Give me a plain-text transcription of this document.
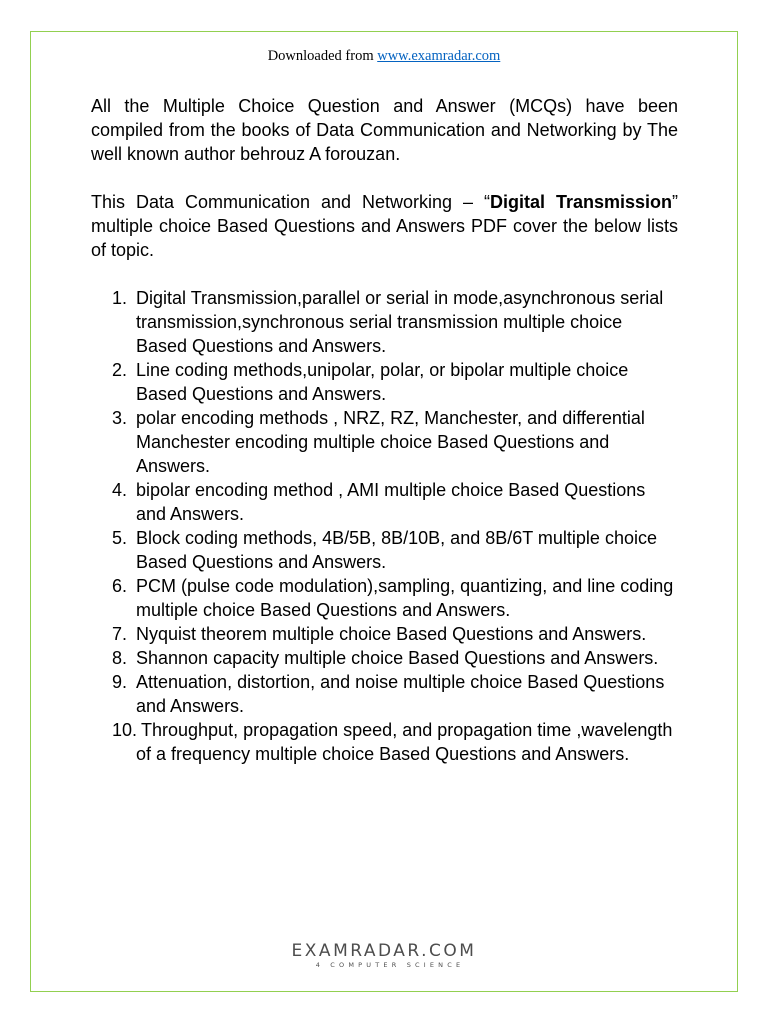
Downloaded from www.examradar.com

All the Multiple Choice Question and Answer (MCQs) have been compiled from the books of Data Communication and Networking by The well known author behrouz A forouzan.

This Data Communication and Networking – “Digital Transmission” multiple choice Based Questions and Answers PDF cover the below lists of topic.

1. Digital Transmission,parallel or serial in mode,asynchronous serial transmission,synchronous serial transmission multiple choice Based Questions and Answers.
2. Line coding methods,unipolar, polar, or bipolar multiple choice Based Questions and Answers.
3. polar encoding methods , NRZ, RZ, Manchester, and differential Manchester encoding multiple choice Based Questions and Answers.
4. bipolar encoding method , AMI multiple choice Based Questions and Answers.
5. Block coding methods, 4B/5B, 8B/10B, and 8B/6T multiple choice Based Questions and Answers.
6. PCM (pulse code modulation),sampling, quantizing, and line coding multiple choice Based Questions and Answers.
7. Nyquist theorem multiple choice Based Questions and Answers.
8. Shannon capacity multiple choice Based Questions and Answers.
9. Attenuation, distortion, and noise multiple choice Based Questions and Answers.
10. Throughput, propagation speed, and propagation time ,wavelength of a frequency multiple choice Based Questions and Answers.
EXAMRADAR.COM
4 COMPUTER SCIENCE
